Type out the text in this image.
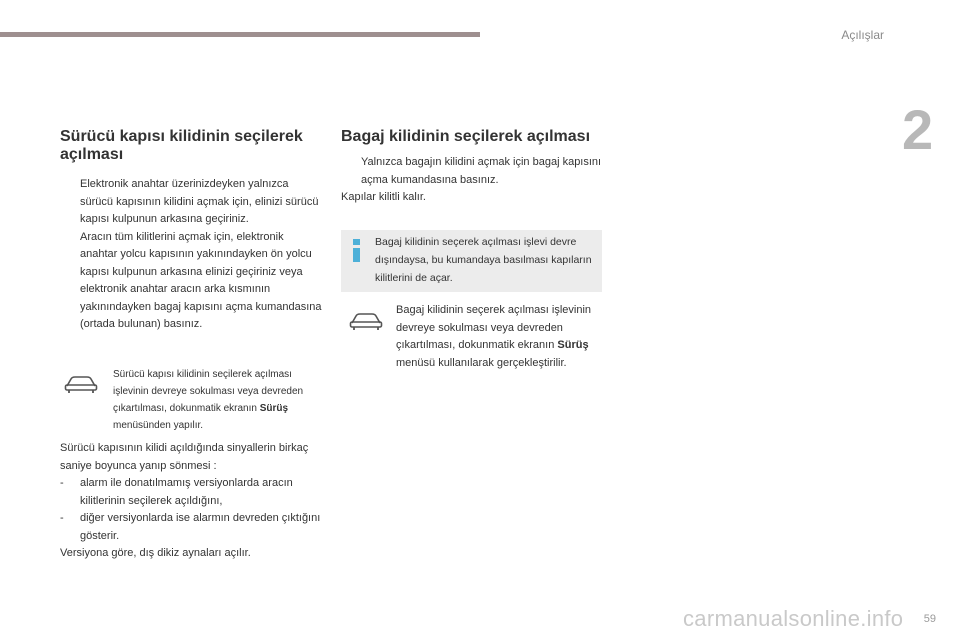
Açılışlar
2
Sürücü kapısı kilidinin seçilerek açılması

Elektronik anahtar üzerinizdeyken yalnızca sürücü kapısının kilidini açmak için, elinizi sürücü kapısı kulpunun arkasına geçiriniz.

Aracın tüm kilitlerini açmak için, elektronik anahtar yolcu kapısının yakınındayken ön yolcu kapısı kulpunun arkasına elinizi geçiriniz veya elektronik anahtar aracın arka kısmının yakınındayken bagaj kapısını açma kumandasına (ortada bulunan) basınız.

Sürücü kapısı kilidinin seçilerek açılması işlevinin devreye sokulması veya devreden çıkartılması, dokunmatik ekranın Sürüş menüsünden yapılır.

Sürücü kapısının kilidi açıldığında sinyallerin birkaç saniye boyunca yanıp sönmesi :

- alarm ile donatılmamış versiyonlarda aracın kilitlerinin seçilerek açıldığını,

- diğer versiyonlarda ise alarmın devreden çıktığını gösterir.

Versiyona göre, dış dikiz aynaları açılır.

Bagaj kilidinin seçilerek açılması

Yalnızca bagajın kilidini açmak için bagaj kapısını açma kumandasına basınız.

Kapılar kilitli kalır.

Bagaj kilidinin seçerek açılması işlevi devre dışındaysa, bu kumandaya basılması kapıların kilitlerini de açar.
Bagaj kilidinin seçerek açılması işlevinin devreye sokulması veya devreden çıkartılması, dokunmatik ekranın Sürüş menüsü kullanılarak gerçekleştirilir.
carmanualsonline.info 59
